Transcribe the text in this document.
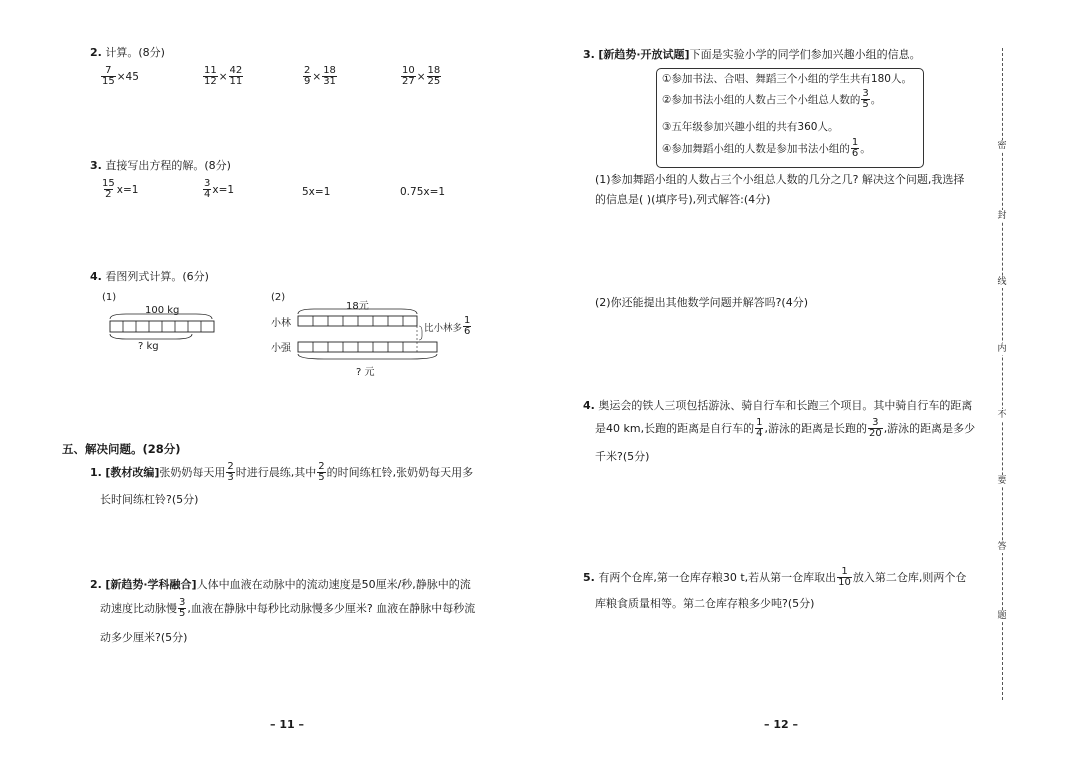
2. 计算。(8分)
$\frac{7}{15} \times 45$	$\frac{11}{12} \times \frac{42}{11}$	$\frac{2}{9} \times \frac{18}{31}$	$\frac{10}{27} \times \frac{18}{25}$
3. 直接写出方程的解。(8分)
$\frac{15}{2} x=1$	$\frac{3}{4} x=1$	5x=1	0.75x=1
4. 看图列式计算。(6分)
(1)
100 kg
? kg
(2)
18元
小林
小强
比小林多 $\frac{1}{6}$
? 元
五、解决问题。(28分)
1.
[教材改编] 张奶奶每天用 $\frac{2}{3}$ 时进行晨练,其中 $\frac{2}{5}$ 的时间练杠铃,张奶奶每天用多
长时间练杠铃?(5分)
2. [新趋势·学科融合]人体中血液在动脉中的流动速度是50厘米/秒,静脉中的流
动速度比动脉慢 $\frac{3}{5}$ ,血液在静脉中每秒比动脉慢多少厘米? 血液在静脉中每秒流
动多少厘米?(5分)
– 11 –
3. [新趋势·开放试题]下面是实验小学的同学们参加兴趣小组的信息。
①参加书法、合唱、舞蹈三个小组的学生共有180人。
②参加书法小组的人数占三个小组总人数的 $\frac{3}{5}$ 。
③五年级参加兴趣小组的共有360人。
④参加舞蹈小组的人数是参加书法小组的 $\frac{1}{6}$ 。
(1)参加舞蹈小组的人数占三个小组总人数的几分之几? 解决这个问题,我选择
的信息是( )(填序号),列式解答:(4分)
(2)你还能提出其他数学问题并解答吗?(4分)
4. 奥运会的铁人三项包括游泳、骑自行车和长跑三个项目。其中骑自行车的距离
是40 km,长跑的距离是自行车的 $\frac{1}{4}$ ,游泳的距离是长跑的 $\frac{3}{20}$ ,游泳的距离是多少
千米?(5分)
5.
有两个仓库,第一仓库存粮30 t,若从第一仓库取出 $\frac{1}{10}$ 放入第二仓库,则两个仓
库粮食质量相等。第二仓库存粮多少吨?(5分)
– 12 –
密
封
线
内
不
要
答
题
